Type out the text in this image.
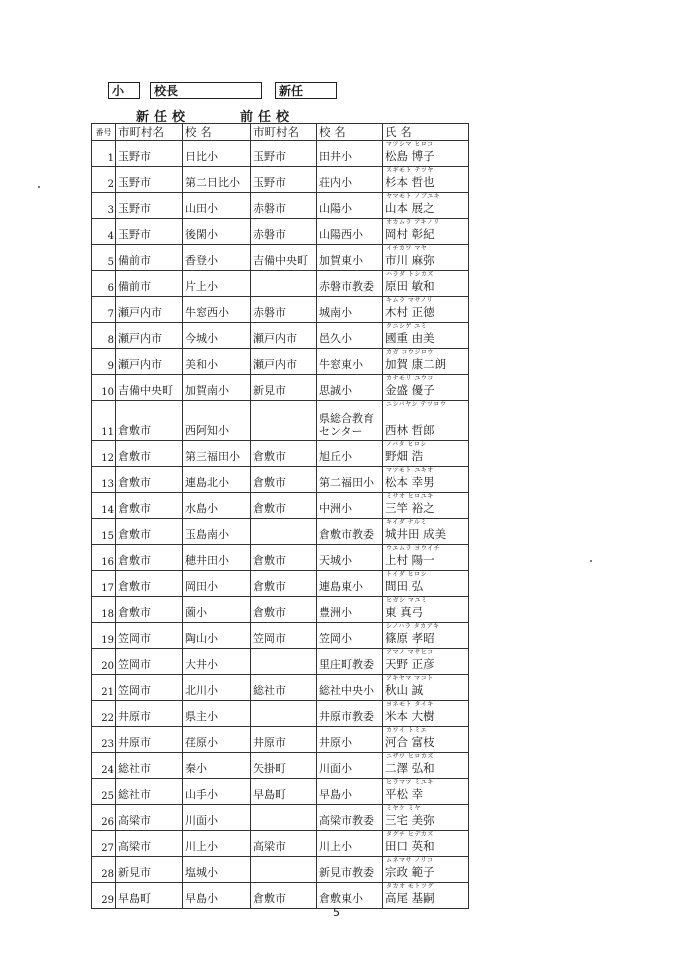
小	校長	新任
新任校	前任校
番号	市町村名	校 名	市町村名	校 名	氏 名
1	玉野市	日比小	玉野市	田井小	マツシマ ヒロコ
松島 博子
2	玉野市	第二日比小	玉野市	荘内小	スギモト テツヤ
杉本 哲也
3	玉野市	山田小	赤磐市	山陽小	ヤマモト ノブユキ
山本 展之
4	玉野市	後閑小	赤磐市	山陽西小	オカムラ アキノリ
岡村 彰紀
5	備前市	香登小	吉備中央町	加賀東小	イチカワ マヤ
市川 麻弥
6	備前市	片上小		赤磐市教委	ハラダ トシカズ
原田 敏和
7	瀬戸内市	牛窓西小	赤磐市	城南小	キムラ マサノリ
木村 正徳
8	瀬戸内市	今城小	瀬戸内市	邑久小	クニシゲ ユミ
國重 由美
9	瀬戸内市	美和小	瀬戸内市	牛窓東小	カガ コウジロウ
加賀 康二朗
10	吉備中央町	加賀南小	新見市	思誠小	カナモリ ユウコ
金盛 優子
11	倉敷市	西阿知小		県総合教育センター	ニシバヤシ テツロウ
西林 哲郎
12	倉敷市	第三福田小	倉敷市	旭丘小	ノバタ ヒロシ
野畑 浩
13	倉敷市	連島北小	倉敷市	第二福田小	マツモト ユキオ
松本 幸男
14	倉敷市	水島小	倉敷市	中洲小	ミサオ ヒロユキ
三竿 裕之
15	倉敷市	玉島南小		倉敷市教委	キイダ ナルミ
城井田 成美
16	倉敷市	穂井田小	倉敷市	天城小	ウエムラ ヨウイチ
上村 陽一
17	倉敷市	岡田小	倉敷市	連島東小	トイダ ヒロシ
間田 弘
18	倉敷市	薗小	倉敷市	豊洲小	ヒガシ マユミ
東 真弓
19	笠岡市	陶山小	笠岡市	笠岡小	シノハラ タカアキ
篠原 孝昭
20	笠岡市	大井小		里庄町教委	アマノ マサヒコ
天野 正彦
21	笠岡市	北川小	総社市	総社中央小	アキヤマ マコト
秋山 誠
22	井原市	県主小		井原市教委	ヨネモト タイキ
米本 大樹
23	井原市	荏原小	井原市	井原小	カワイ トミエ
河合 富枝
24	総社市	秦小	矢掛町	川面小	ニザワ ヒロカズ
二澤 弘和
25	総社市	山手小	早島町	早島小	ヒラマツ ミユキ
平松 幸
26	高梁市	川面小		高梁市教委	ミヤケ ミヤ
三宅 美弥
27	高梁市	川上小	高梁市	川上小	タグチ ヒデカズ
田口 英和
28	新見市	塩城小		新見市教委	ムネマサ ノリコ
宗政 範子
29	早島町	早島小	倉敷市	倉敷東小	タカオ モトツグ
高尾 基嗣
5
